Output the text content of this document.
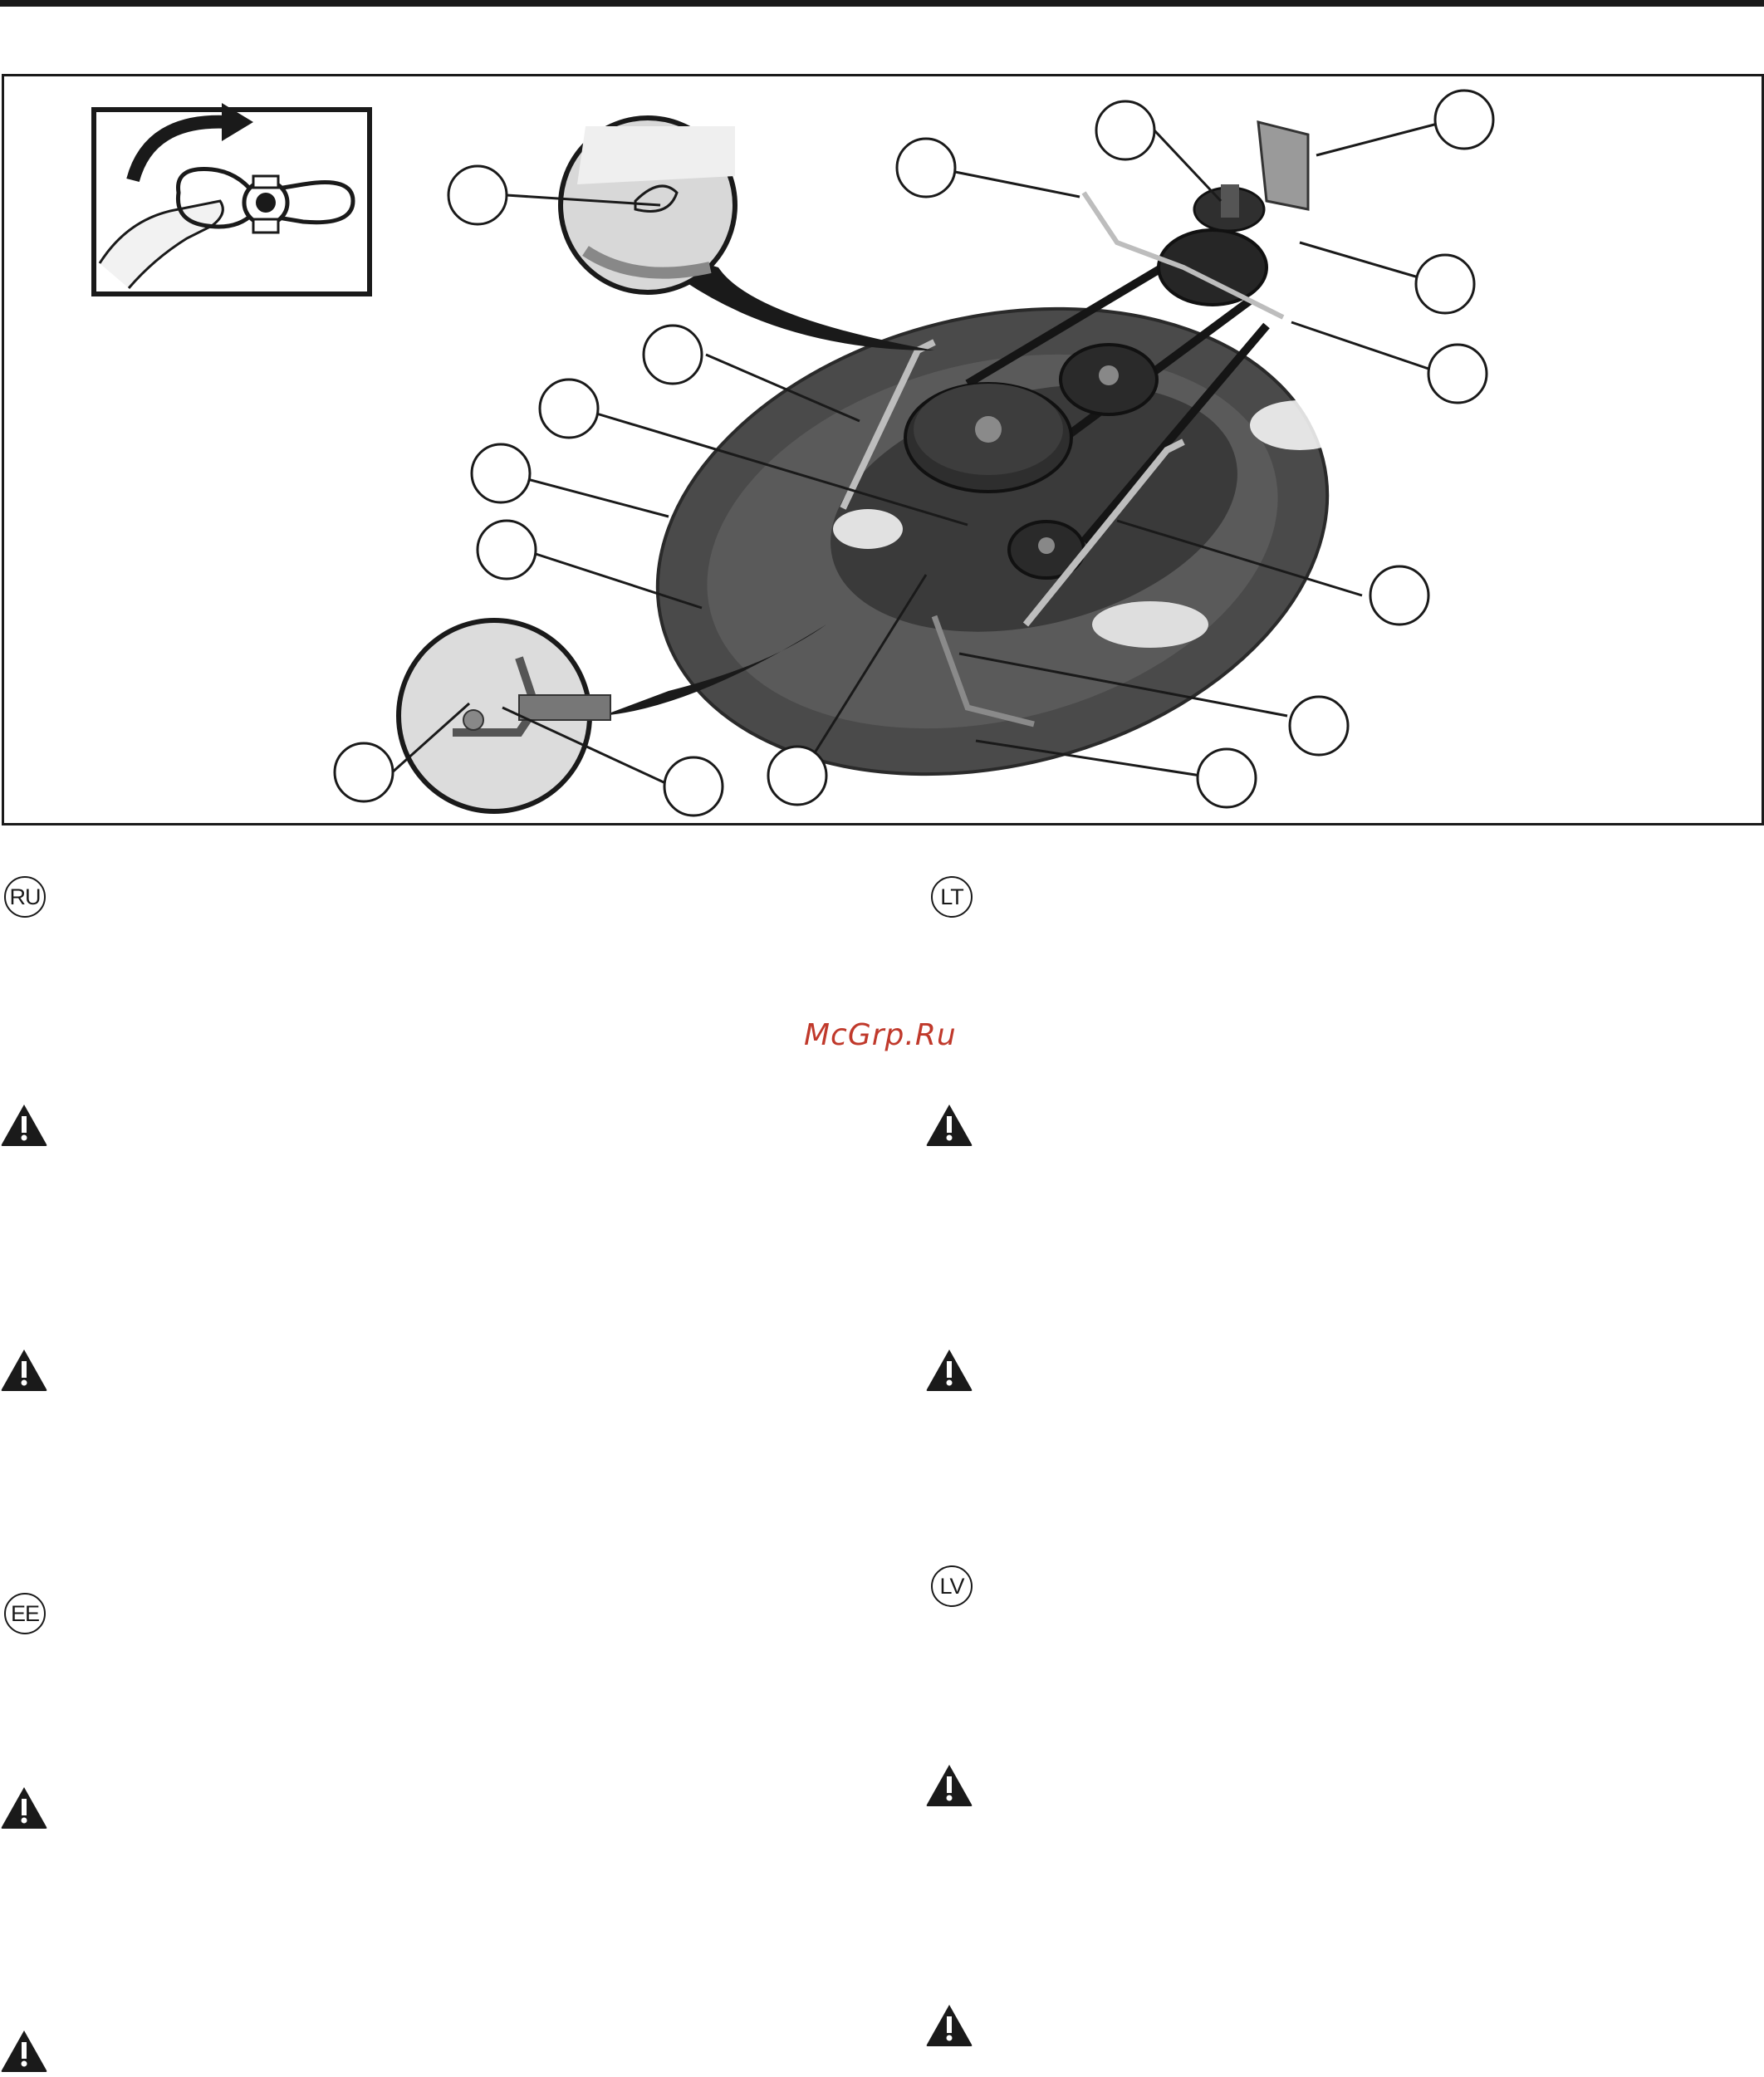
RU	LT
EE
LV
McGrp.Ru
